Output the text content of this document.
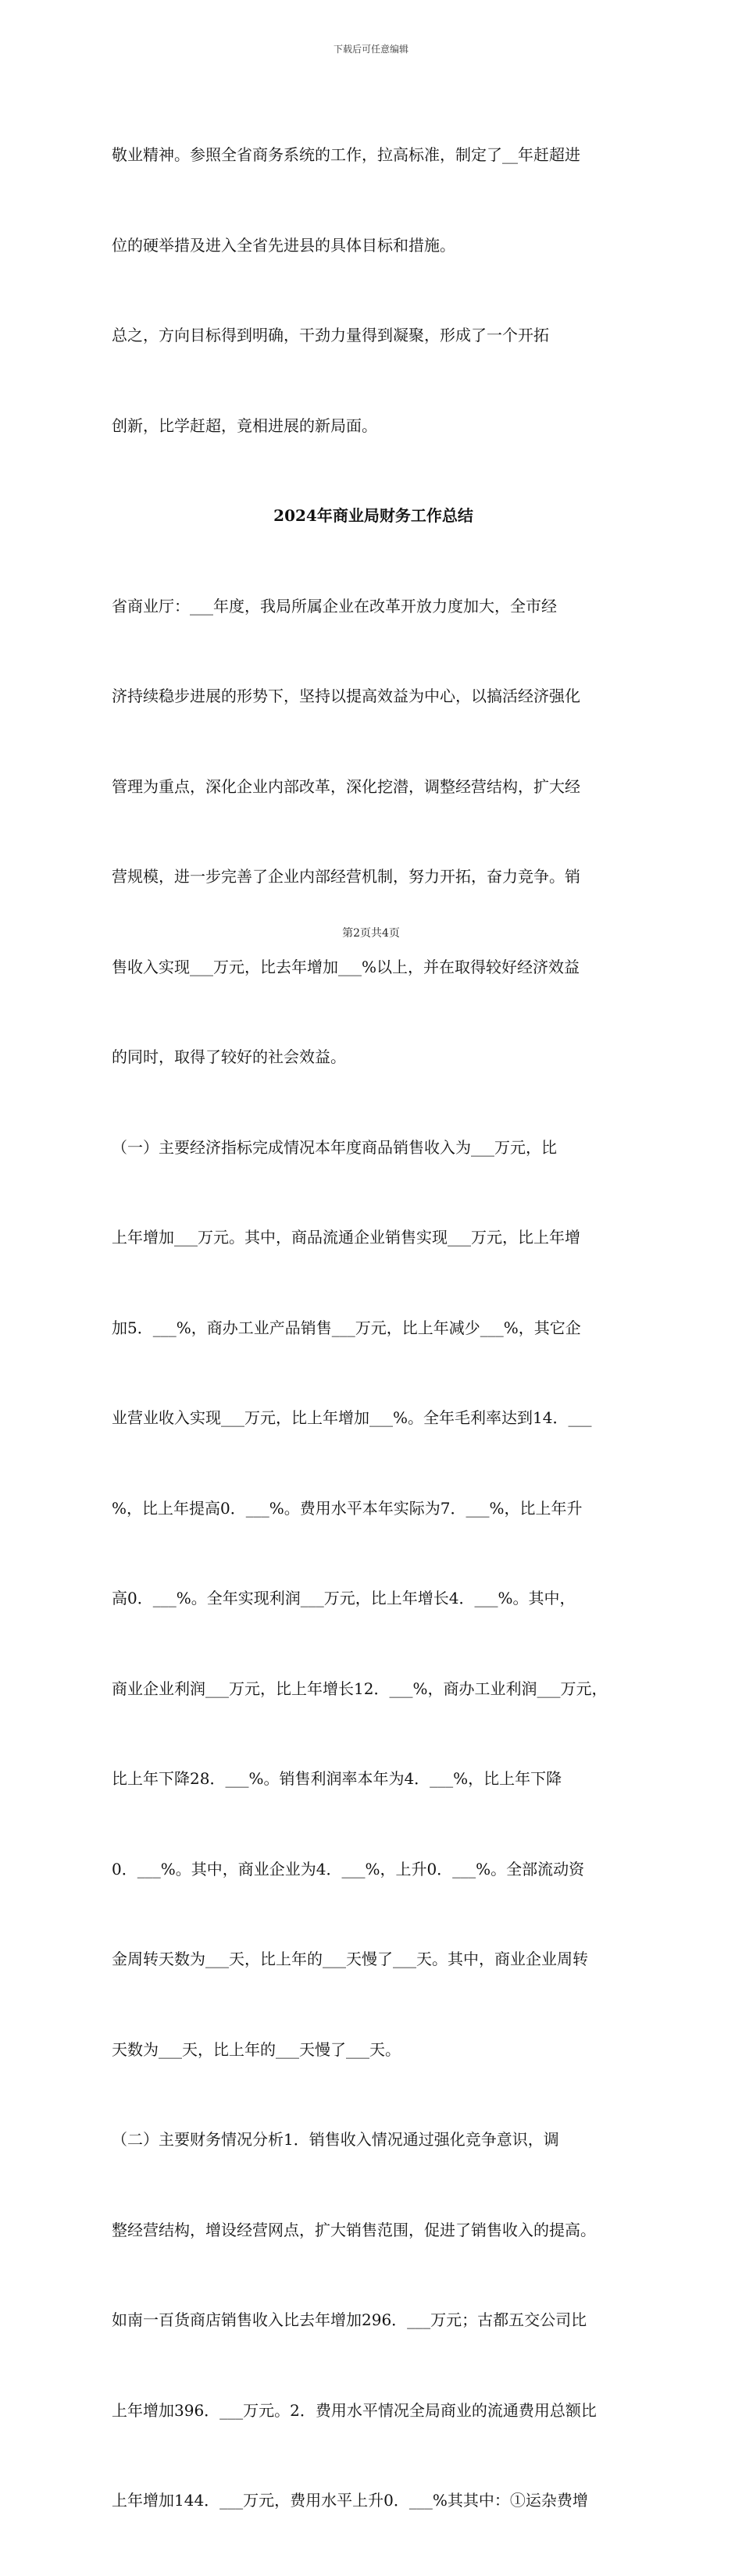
下载后可任意编辑

敬业精神。参照全省商务系统的工作，拉高标准，制定了__年赶超进

位的硬举措及进入全省先进县的具体目标和措施。

总之，方向目标得到明确，干劲力量得到凝聚，形成了一个开拓

创新，比学赶超，竟相进展的新局面。

2024年商业局财务工作总结

省商业厅：___年度，我局所属企业在改革开放力度加大，全市经

济持续稳步进展的形势下，坚持以提高效益为中心，以搞活经济强化

管理为重点，深化企业内部改革，深化挖潜，调整经营结构，扩大经

营规模，进一步完善了企业内部经营机制，努力开拓，奋力竞争。销

售收入实现___万元，比去年增加___%以上，并在取得较好经济效益

的同时，取得了较好的社会效益。

（一）主要经济指标完成情况本年度商品销售收入为___万元，比

上年增加___万元。其中，商品流通企业销售实现___万元，比上年增

加5．___%，商办工业产品销售___万元，比上年减少___%，其它企

业营业收入实现___万元，比上年增加___%。全年毛利率达到14．___

%，比上年提高0．___%。费用水平本年实际为7．___%，比上年升

高0．___%。全年实现利润___万元，比上年增长4．___%。其中，

商业企业利润___万元，比上年增长12．___%，商办工业利润___万元，

比上年下降28．___%。销售利润率本年为4．___%，比上年下降

0．___%。其中，商业企业为4．___%，上升0．___%。全部流动资

金周转天数为___天，比上年的___天慢了___天。其中，商业企业周转

天数为___天，比上年的___天慢了___天。

（二）主要财务情况分析1．销售收入情况通过强化竞争意识，调

整经营结构，增设经营网点，扩大销售范围，促进了销售收入的提高。

如南一百货商店销售收入比去年增加296．___万元；古都五交公司比

上年增加396．___万元。2．费用水平情况全局商业的流通费用总额比

上年增加144．___万元，费用水平上升0．___%其其中：①运杂费增

第2页共4页
